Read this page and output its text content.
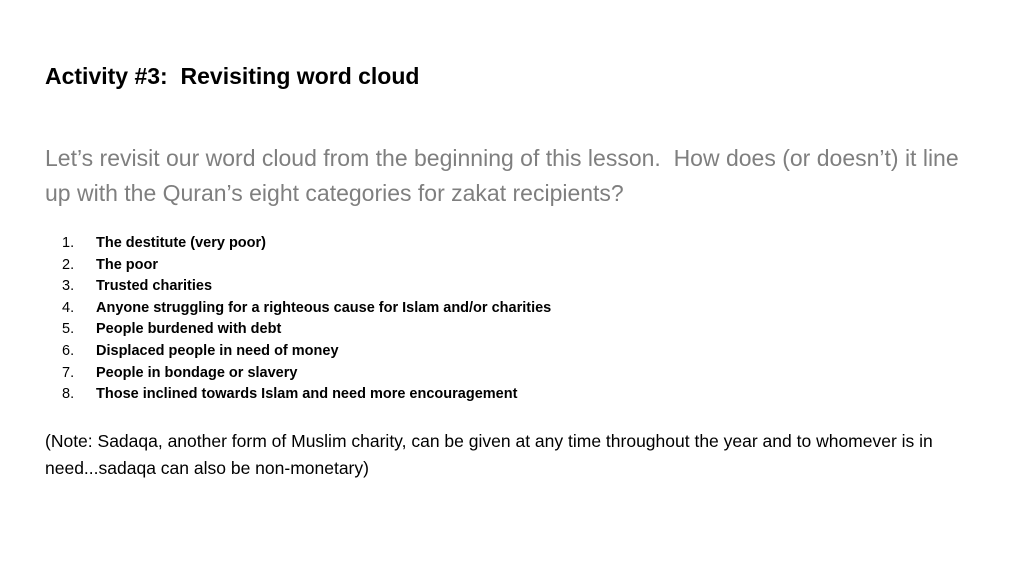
Activity #3:  Revisiting word cloud

Let’s revisit our word cloud from the beginning of this lesson.  How does (or doesn’t) it line up with the Quran’s eight categories for zakat recipients?

1.	The destitute (very poor)
2.	The poor
3.	Trusted charities
4.	Anyone struggling for a righteous cause for Islam and/or charities
5.	People burdened with debt
6.	Displaced people in need of money
7.	People in bondage or slavery
8.	Those inclined towards Islam and need more encouragement

(Note: Sadaqa, another form of Muslim charity, can be given at any time throughout the year and to whomever is in need...sadaqa can also be non-monetary)
